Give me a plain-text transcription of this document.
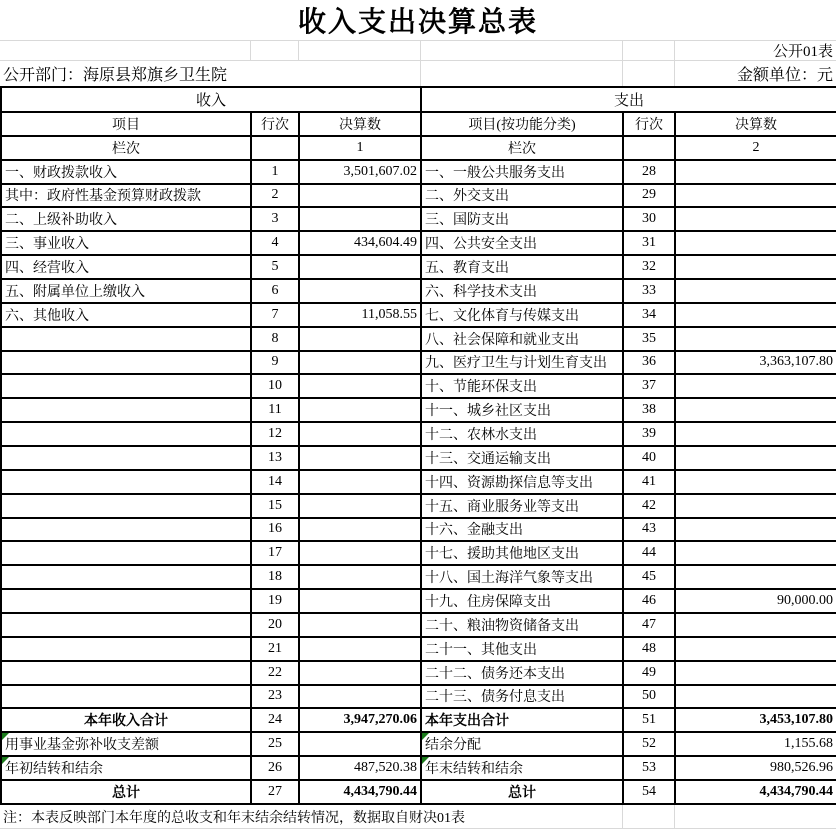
收入支出决算总表
公开01表
公开部门：海原县郑旗乡卫生院	金额单位：元
收入			支出		
项目	行次	决算数	项目(按功能分类)	行次	决算数
栏次		1	栏次		2
一、财政拨款收入	1	3,501,607.02	一、一般公共服务支出	28	
其中：政府性基金预算财政拨款	2		二、外交支出	29	
二、上级补助收入	3		三、国防支出	30	
三、事业收入	4	434,604.49	四、公共安全支出	31	
四、经营收入	5		五、教育支出	32	
五、附属单位上缴收入	6		六、科学技术支出	33	
六、其他收入	7	11,058.55	七、文化体育与传媒支出	34	
	8		八、社会保障和就业支出	35	
	9		九、医疗卫生与计划生育支出	36	3,363,107.80
	10		十、节能环保支出	37	
	11		十一、城乡社区支出	38	
	12		十二、农林水支出	39	
	13		十三、交通运输支出	40	
	14		十四、资源勘探信息等支出	41	
	15		十五、商业服务业等支出	42	
	16		十六、金融支出	43	
	17		十七、援助其他地区支出	44	
	18		十八、国土海洋气象等支出	45	
	19		十九、住房保障支出	46	90,000.00
	20		二十、粮油物资储备支出	47	
	21		二十一、其他支出	48	
	22		二十二、债务还本支出	49	
	23		二十三、债务付息支出	50	
本年收入合计	24	3,947,270.06	本年支出合计	51	3,453,107.80

用事业基金弥补收支差额	25		结余分配	52	1,155.68

年初结转和结余	26	487,520.38	年末结转和结余	53	980,526.96
总计	27	4,434,790.44	总计	54	4,434,790.44
注：本表反映部门本年度的总收支和年末结余结转情况，数据取自财决01表
